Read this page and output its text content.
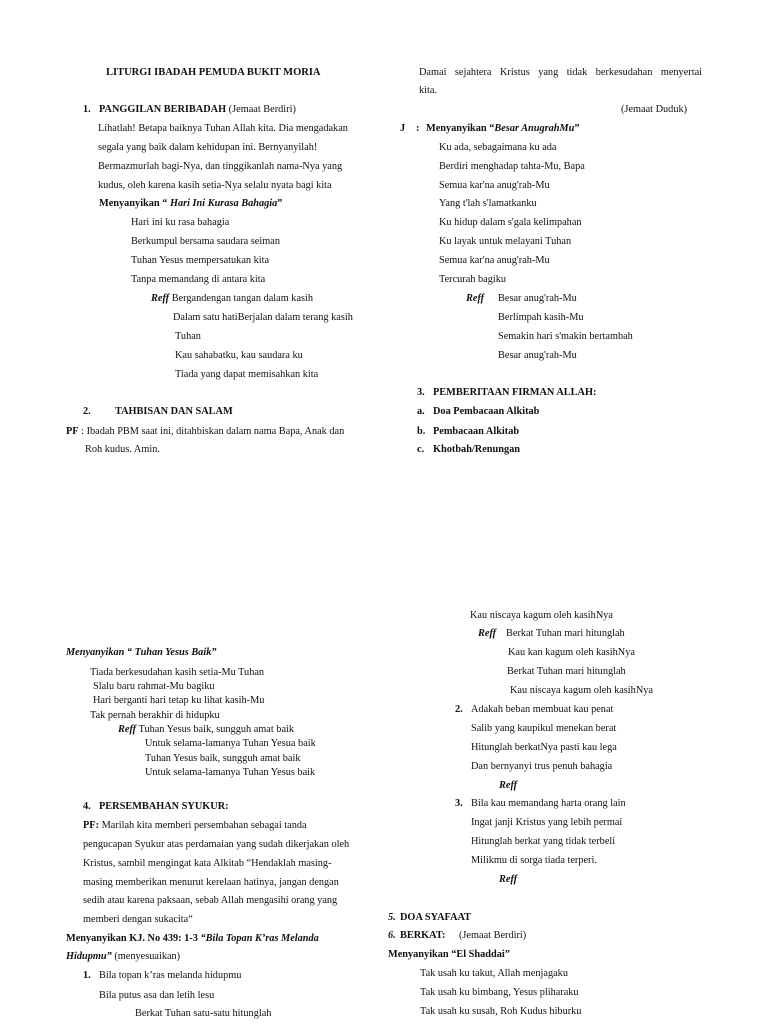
LITURGI IBADAH PEMUDA BUKIT MORIA
1. PANGGILAN BERIBADAH (Jemaat Berdiri)
Lihatlah! Betapa baiknya Tuhan Allah kita. Dia mengadakan
segala yang baik dalam kehidupan ini. Bernyanyilah!
Bermazmurlah bagi-Nya, dan tinggikanlah nama-Nya yang
kudus, oleh karena kasih setia-Nya selalu nyata bagi kita
Menyanyikan “ Hari Ini Kurasa Bahagia”
Hari ini ku rasa bahagia
Berkumpul bersama saudara seiman
Tuhan Yesus mempersatukan kita
Tanpa memandang di antara kita
Reff Bergandengan tangan dalam kasih
Dalam satu hatiBerjalan dalam terang kasih
Tuhan
Kau sahabatku, kau saudara ku
Tiada yang dapat memisahkan kita
2. TAHBISAN DAN SALAM
PF : Ibadah PBM saat ini, ditahbiskan dalam nama Bapa, Anak dan
Roh kudus. Amin.
Damai sejahtera Kristus yang tidak berkesudahan menyertai
kita.
(Jemaat Duduk)
J : Menyanyikan “Besar AnugrahMu”
Ku ada, sebagaimana ku ada
Berdiri menghadap tahta-Mu, Bapa
Semua kar'na anug'rah-Mu
Yang t'lah s'lamatkanku
Ku hidup dalam s'gala kelimpahan
Ku layak untuk melayani Tuhan
Semua kar'na anug'rah-Mu
Tercurah bagiku
Reff Besar anug'rah-Mu
Berlimpah kasih-Mu
Semakin hari s'makin bertambah
Besar anug'rah-Mu
3. PEMBERITAAN FIRMAN ALLAH:
a. Doa Pembacaan Alkitab
b. Pembacaan Alkitab
c. Khotbah/Renungan
Menyanyikan “ Tuhan Yesus Baik”
Tiada berkesudahan kasih setia-Mu Tuhan
Slalu baru rahmat-Mu bagiku
Hari berganti hari tetap ku lihat kasih-Mu
Tak pernah berakhir di hidupku
Reff Tuhan Yesus baik, sungguh amat baik
Untuk selama-lamanya Tuhan Yesua baik
Tuhan Yesus baik, sungguh amat baik
Untuk selama-lamanya Tuhan Yesus baik
4. PERSEMBAHAN SYUKUR:
PF: Marilah kita memberi persembahan sebagai tanda
pengucapan Syukur atas perdamaian yang sudah dikerjakan oleh
Kristus, sambil mengingat kata Alkitab “Hendaklah masing-
masing memberikan menurut kerelaan hatinya, jangan dengan
sedih atau karena paksaan, sebab Allah mengasihi orang yang
memberi dengan sukacita“
Menyanyikan KJ. No 439: 1-3 “Bila Topan K’ras Melanda
Hidupmu” (menyesuaikan)
1. Bila topan k’ras melanda hidupmu
Bila putus asa dan letih lesu
Berkat Tuhan satu-satu hitunglah
Kau niscaya kagum oleh kasihNya
Reff Berkat Tuhan mari hitunglah
Kau kan kagum oleh kasihNya
Berkat Tuhan mari hitunglah
Kau niscaya kagum oleh kasihNya
2. Adakah beban membuat kau penat
Salib yang kaupikul menekan berat
Hitunglah berkatNya pasti kau lega
Dan bernyanyi trus penuh bahagia
Reff
3. Bila kau memandang harta orang lain
Ingat janji Kristus yang lebih permai
Hitunglah berkat yang tidak terbeli
Milikmu di sorga tiada terperi.
Reff
5. DOA SYAFAAT
6. BERKAT: (Jemaat Berdiri)
Menyanyikan “El Shaddai”
Tak usah ku takut, Allah menjagaku
Tak usah ku bimbang, Yesus pliharaku
Tak usah ku susah, Roh Kudus hiburku
